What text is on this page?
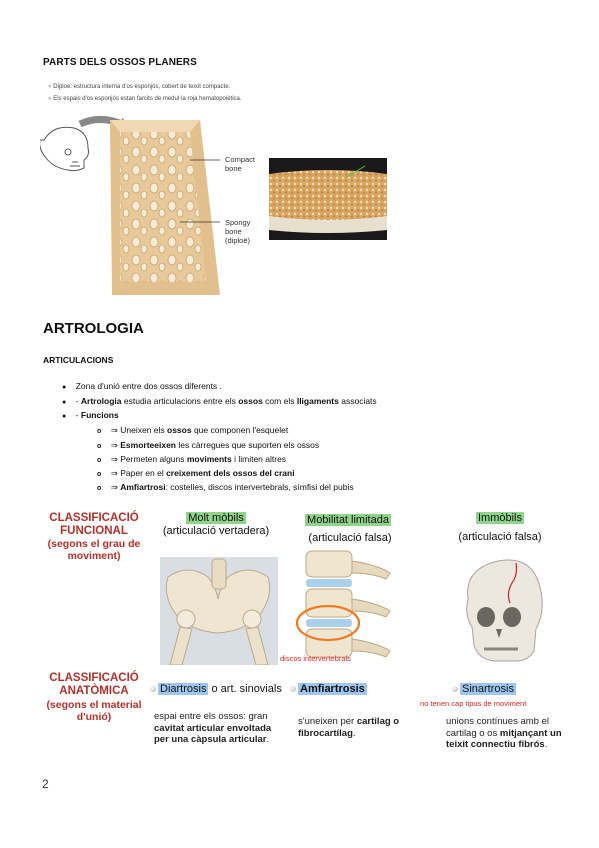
PARTS DELS OSSOS PLANERS
● Diploe: estructura interna d'os esponjós, cobert de teixit compacte.
● Els espais d'os esponjós estan farcits de medul·la roja hematopoiètica.
Compact bone
Spongy bone (diploë)
ARTROLOGIA
ARTICULACIONS
● Zona d'unió entre dos ossos diferents .
● - Artrologia estudia articulacions entre els ossos com els lligaments associats
● - Funcions
o ⇒ Uneixen els ossos que componen l'esquelet
o ⇒ Esmorteeixen les càrregues que suporten els ossos
o ⇒ Permeten alguns moviments i limiten altres
o ⇒ Paper en el creixement dels ossos del crani
o ⇒ Amfiartrosi: costelles, discos intervertebrals, símfisi del pubis
CLASSIFICACIÓ FUNCIONAL
(segons el grau de moviment)
Molt mòbils
(articulació vertadera)
Mobilitat limitada
(articulació falsa)
Immòbils
(articulació falsa)
discos intervertebrals
CLASSIFICACIÓ ANATÒMICA
(segons el material d'unió)
Diartrosis o art. sinovials	Amfiartrosis	Sinartrosis
no tenen cap tipus de moviment
espai entre els ossos: gran cavitat articular envoltada per una càpsula articular.
s'uneixen per cartilag o fibrocartílag.
unions contínues amb el cartilag o os mitjançant un teixit connectiu fibrós.
2
